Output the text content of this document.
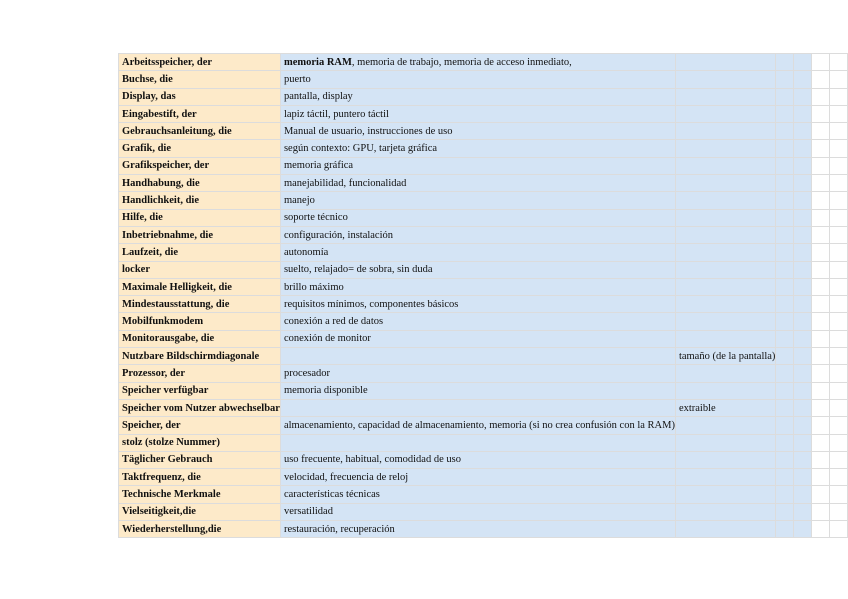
Arbeitsspeicher, der	memoria RAM, memoria de trabajo, memoria de acceso inmediato,					
Buchse, die	puerto					
Display, das	pantalla, display					
Eingabestift, der	lapiz táctil, puntero táctil					
Gebrauchsanleitung, die	Manual de usuario, instrucciones de uso					
Grafik, die	según contexto: GPU, tarjeta gráfica					
Grafikspeicher, der	memoria gráfica					
Handhabung, die	manejabilidad, funcionalidad					
Handlichkeit, die	manejo					
Hilfe, die	soporte técnico					
Inbetriebnahme, die	configuración, instalación					
Laufzeit, die	autonomía					
locker	suelto, relajado= de sobra, sin duda					
Maximale Helligkeit, die	brillo máximo					
Mindestausstattung, die	requisitos mínimos, componentes básicos					
Mobilfunkmodem	conexión a red de datos					
Monitorausgabe, die	conexión de monitor					
Nutzbare Bildschirmdiagonale		tamaño (de la pantalla)				
Prozessor, der	procesador					
Speicher verfügbar	memoria disponible					
Speicher vom Nutzer abwechselbar		extraible				
Speicher, der	almacenamiento, capacidad de almacenamiento, memoria (si no crea confusión con la RAM)					
stolz (stolze Nummer)						
Täglicher Gebrauch	uso frecuente, habitual, comodidad de uso					
Taktfrequenz, die	velocidad, frecuencia de reloj					
Technische Merkmale	características técnicas					
Vielseitigkeit,die	versatilidad					
Wiederherstellung,die	restauración, recuperación					
